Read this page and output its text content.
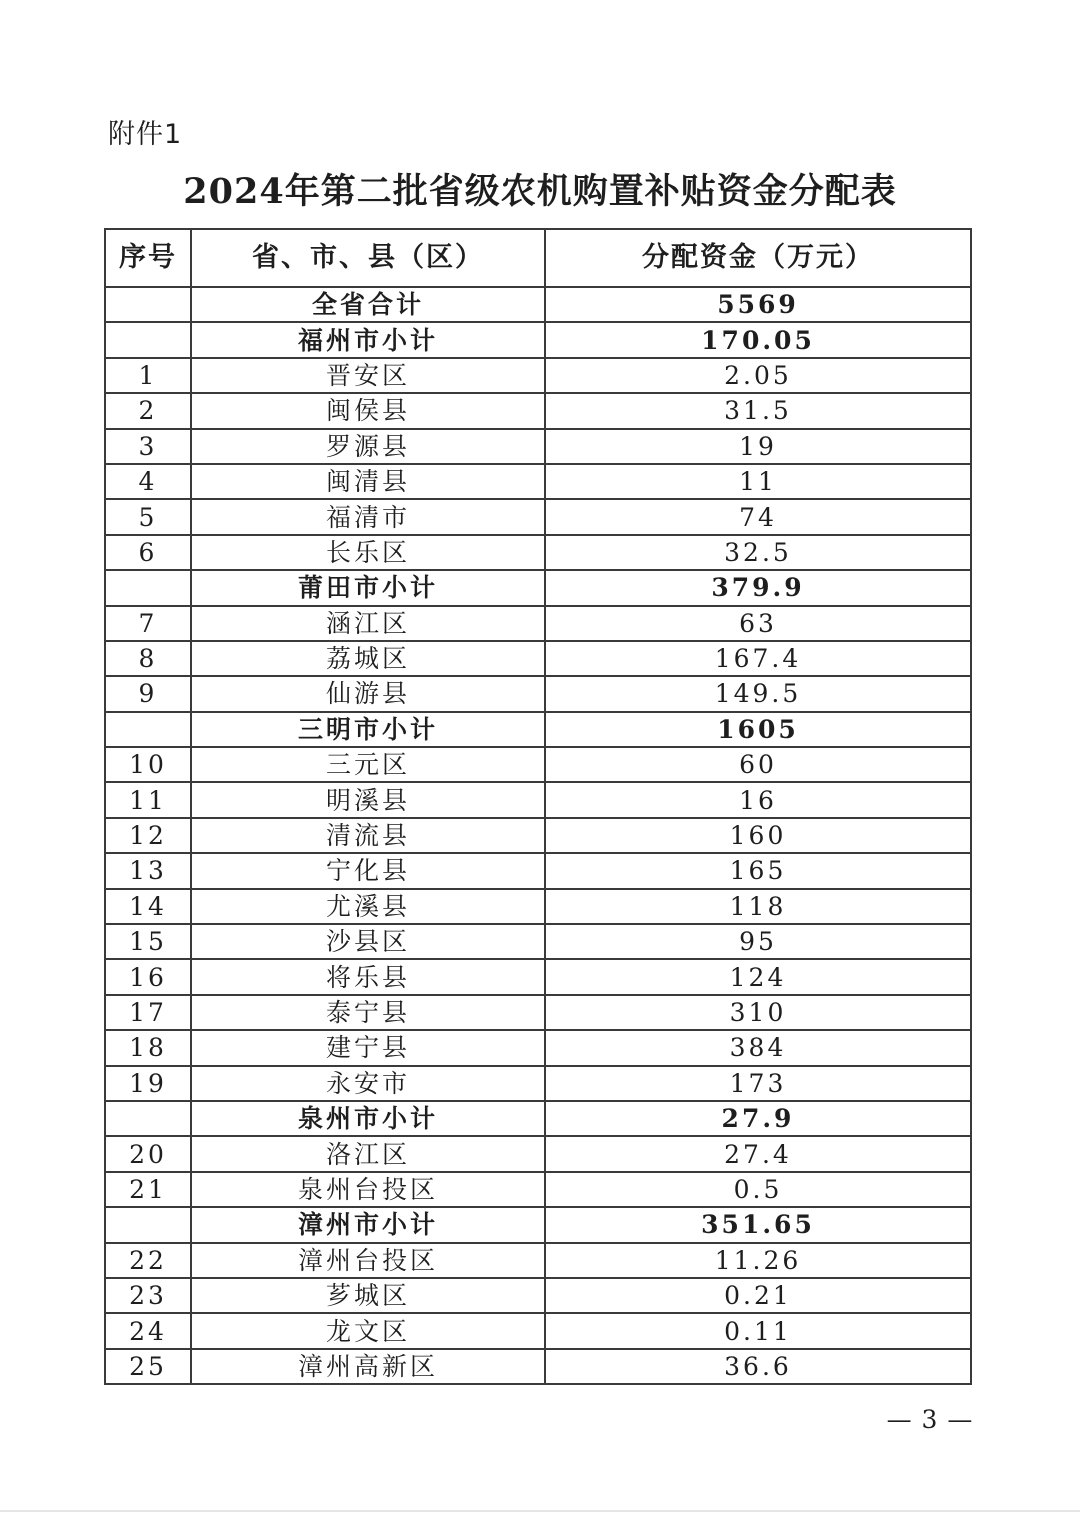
附件1
2024年第二批省级农机购置补贴资金分配表
序号	省、市、县（区）	分配资金（万元）
	全省合计	5569
	福州市小计	170.05
1	晋安区	2.05
2	闽侯县	31.5
3	罗源县	19
4	闽清县	11
5	福清市	74
6	长乐区	32.5
	莆田市小计	379.9
7	涵江区	63
8	荔城区	167.4
9	仙游县	149.5
	三明市小计	1605
10	三元区	60
11	明溪县	16
12	清流县	160
13	宁化县	165
14	尤溪县	118
15	沙县区	95
16	将乐县	124
17	泰宁县	310
18	建宁县	384
19	永安市	173
	泉州市小计	27.9
20	洛江区	27.4
21	泉州台投区	0.5
	漳州市小计	351.65
22	漳州台投区	11.26
23	芗城区	0.21
24	龙文区	0.11
25	漳州高新区	36.6
— 3 —
